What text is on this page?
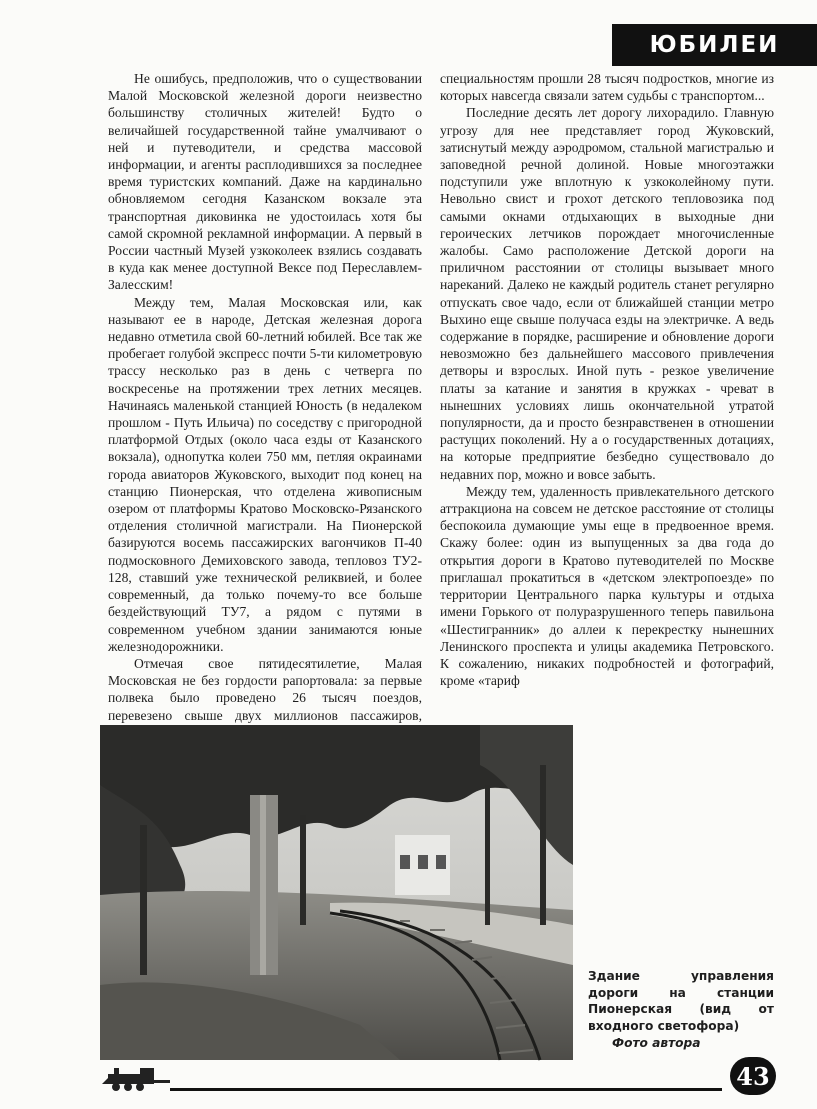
ЮБИЛЕИ

Не ошибусь, предположив, что о существовании Малой Московской железной дороги неизвестно большинству столичных жителей! Будто о величайшей государственной тайне умалчивают о ней и путеводители, и средства массовой информации, и агенты расплодившихся за последнее время туристских компаний. Даже на кардинально обновляемом сегодня Казанском вокзале эта транспортная диковинка не удостоилась хотя бы самой скромной рекламной информации. А первый в России частный Музей узкоколеек взялись создавать в куда как менее доступной Вексе под Переславлем-Залесским!

Между тем, Малая Московская или, как называют ее в народе, Детская железная дорога недавно отметила свой 60-летний юбилей. Все так же пробегает голубой экспресс почти 5-ти километровую трассу несколько раз в день с четверга по воскресенье на протяжении трех летних месяцев. Начинаясь маленькой станцией Юность (в недалеком прошлом - Путь Ильича) по соседству с пригородной платформой Отдых (около часа езды от Казанского вокзала), однопутка колеи 750 мм, петляя окраинами города авиаторов Жуковского, выходит под конец на станцию Пионерская, что отделена живописным озером от платформы Кратово Московско-Рязанского отделения столичной магистрали. На Пионерской базируются восемь пассажирских вагончиков П-40 подмосковного Демиховского завода, тепловоз ТУ2-128, ставший уже технической реликвией, и более современный, да только почему-то все больше бездействующий ТУ7, а рядом с путями в современном учебном здании занимаются юные железнодорожники.

Отмечая свое пятидесятилетие, Малая Московская не без гордости рапортовала: за первые полвека было проведено 26 тысяч поездов, перевезено свыше двух миллионов пассажиров,

специальностям прошли 28 тысяч подростков, многие из которых навсегда связали затем судьбы с транспортом...

Последние десять лет дорогу лихорадило. Главную угрозу для нее представляет город Жуковский, затиснутый между аэродромом, стальной магистралью и заповедной речной долиной. Новые многоэтажки подступили уже вплотную к узкоколейному пути. Невольно свист и грохот детского тепловозика под самыми окнами отдыхающих в выходные дни героических летчиков порождает многочисленные жалобы. Само расположение Детской дороги на приличном расстоянии от столицы вызывает много нареканий. Далеко не каждый родитель станет регулярно отпускать свое чадо, если от ближайшей станции метро Выхино еще свыше получаса езды на электричке. А ведь содержание в порядке, расширение и обновление дороги невозможно без дальнейшего массового привлечения детворы и взрослых. Иной путь - резкое увеличение платы за катание и занятия в кружках - чреват в нынешних условиях лишь окончательной утратой популярности, да и просто безнравственен в отношении растущих поколений. Ну а о государственных дотациях, на которые предприятие безбедно существовало до недавних пор, можно и вовсе забыть.

Между тем, удаленность привлекательного детского аттракциона на совсем не детское расстояние от столицы беспокоила думающие умы еще в предвоенное время. Скажу более: один из выпущенных за два года до открытия дороги в Кратово путеводителей по Москве приглашал прокатиться в «детском электропоезде» по территории Центрального парка культуры и отдыха имени Горького от полуразрушенного теперь павильона «Шестигранник» до аллеи к перекрестку нынешних Ленинского проспекта и улицы академика Петровского. К сожалению, никаких подробностей и фотографий, кроме «тариф

Здание управления дороги на станции Пионерская (вид от входного светофора)
Фото автора
43
